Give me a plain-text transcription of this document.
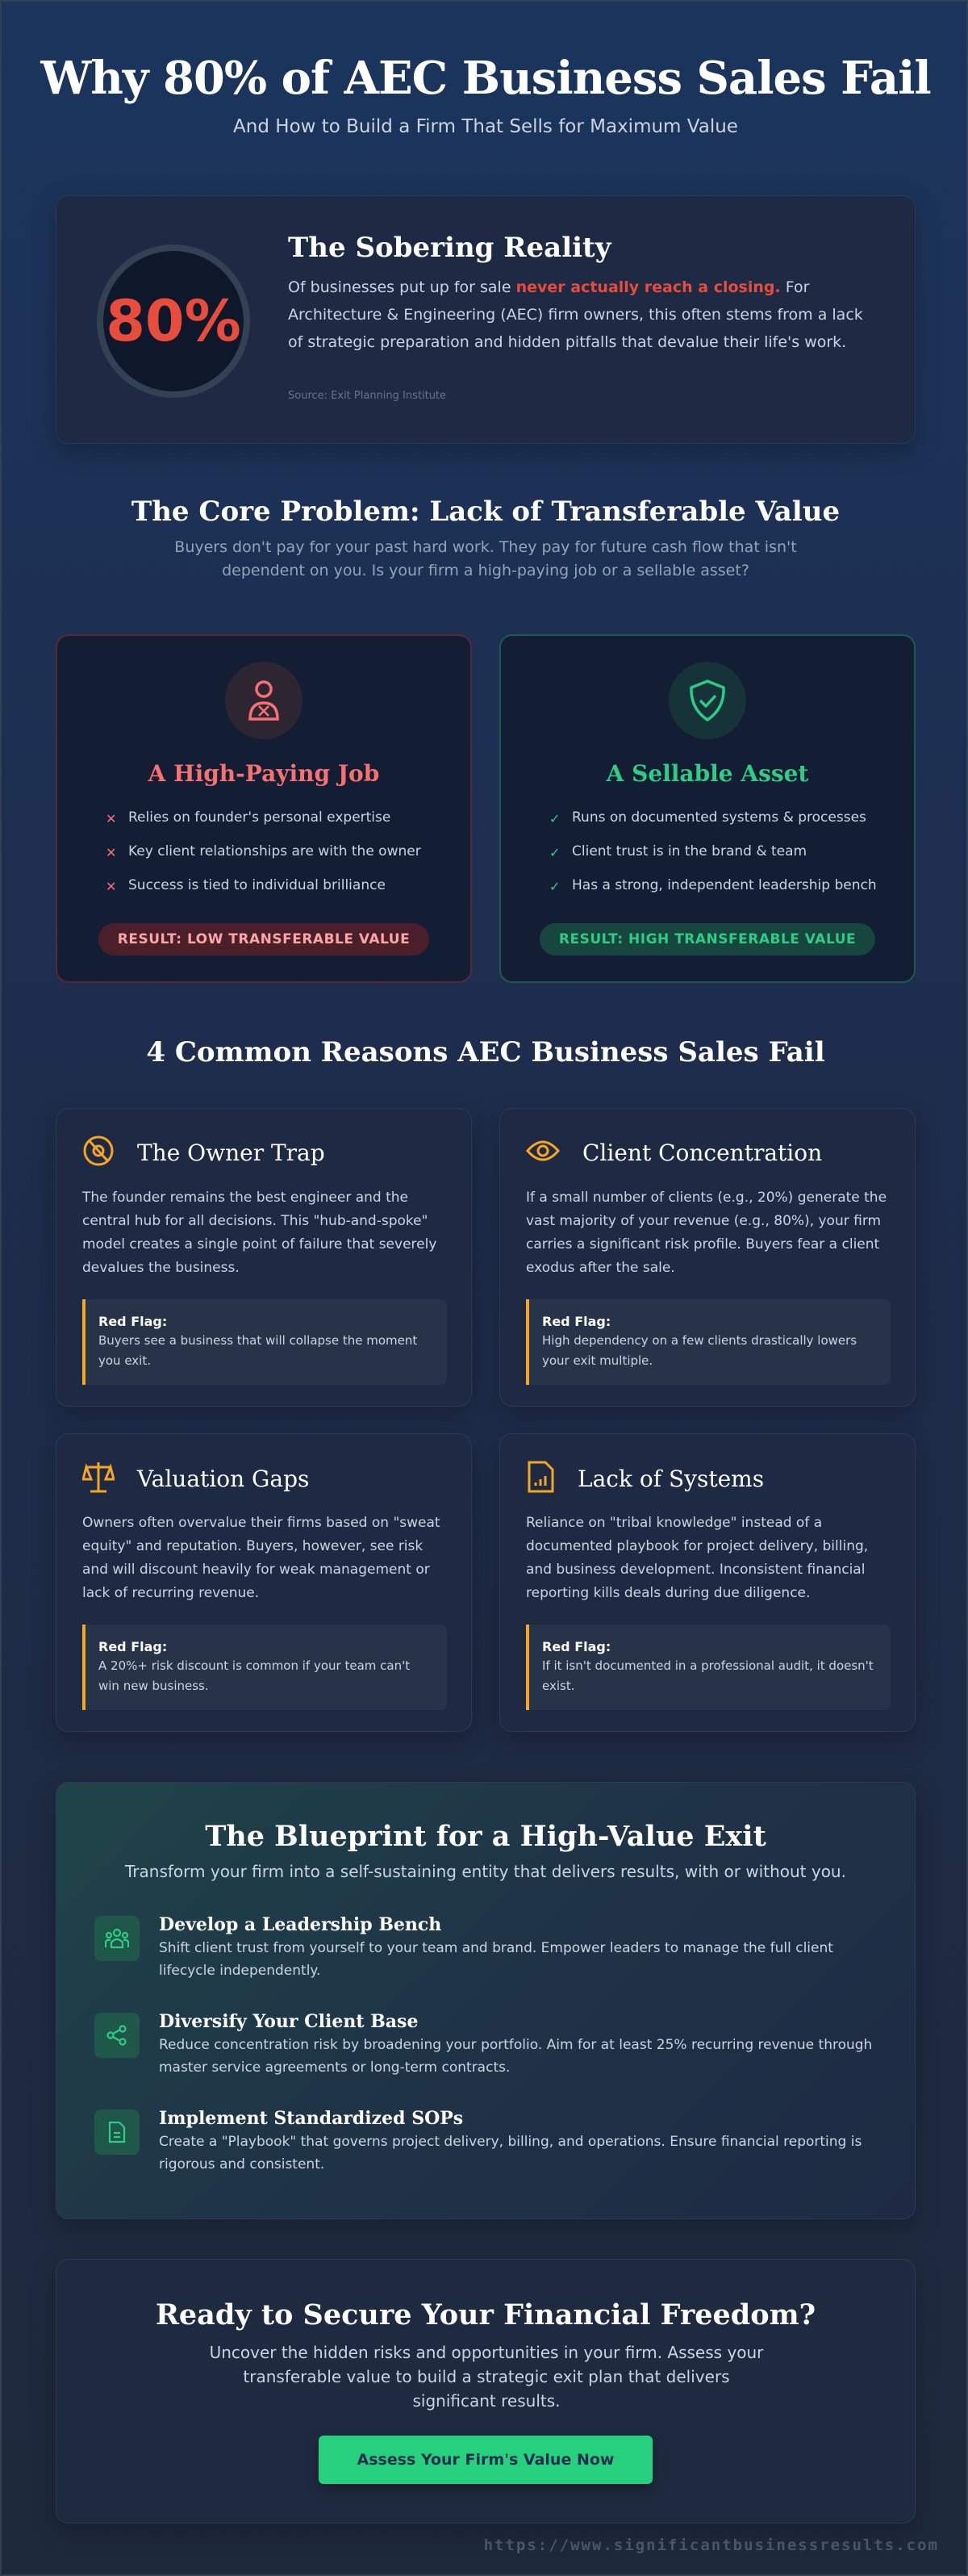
Why 80% of AEC Business Sales Fail
And How to Build a Firm That Sells for Maximum Value
80%
The Sobering Reality

Of businesses put up for sale never actually reach a closing. For Architecture & Engineering (AEC) firm owners, this often stems from a lack of strategic preparation and hidden pitfalls that devalue their life's work.

Source: Exit Planning Institute
The Core Problem: Lack of Transferable Value

Buyers don't pay for your past hard work. They pay for future cash flow that isn't dependent on you. Is your firm a high-paying job or a sellable asset?

A High-Paying Job
✕ Relies on founder's personal expertise
✕ Key client relationships are with the owner
✕ Success is tied to individual brilliance
RESULT: LOW TRANSFERABLE VALUE
A Sellable Asset
✓ Runs on documented systems & processes
✓ Client trust is in the brand & team
✓ Has a strong, independent leadership bench
RESULT: HIGH TRANSFERABLE VALUE
4 Common Reasons AEC Business Sales Fail
The Owner Trap

The founder remains the best engineer and the central hub for all decisions. This "hub-and-spoke" model creates a single point of failure that severely devalues the business.

Red Flag:
Buyers see a business that will collapse the moment you exit.
Client Concentration

If a small number of clients (e.g., 20%) generate the vast majority of your revenue (e.g., 80%), your firm carries a significant risk profile. Buyers fear a client exodus after the sale.

Red Flag:
High dependency on a few clients drastically lowers your exit multiple.
Valuation Gaps

Owners often overvalue their firms based on "sweat equity" and reputation. Buyers, however, see risk and will discount heavily for weak management or lack of recurring revenue.

Red Flag:
A 20%+ risk discount is common if your team can't win new business.
Lack of Systems

Reliance on "tribal knowledge" instead of a documented playbook for project delivery, billing, and business development. Inconsistent financial reporting kills deals during due diligence.

Red Flag:
If it isn't documented in a professional audit, it doesn't exist.
The Blueprint for a High-Value Exit

Transform your firm into a self-sustaining entity that delivers results, with or without you.

Develop a Leadership Bench

Shift client trust from yourself to your team and brand. Empower leaders to manage the full client lifecycle independently.

Diversify Your Client Base

Reduce concentration risk by broadening your portfolio. Aim for at least 25% recurring revenue through master service agreements or long-term contracts.

Implement Standardized SOPs

Create a "Playbook" that governs project delivery, billing, and operations. Ensure financial reporting is rigorous and consistent.

Ready to Secure Your Financial Freedom?

Uncover the hidden risks and opportunities in your firm. Assess your transferable value to build a strategic exit plan that delivers significant results.

Assess Your Firm's Value Now
https://www.significantbusinessresults.com
